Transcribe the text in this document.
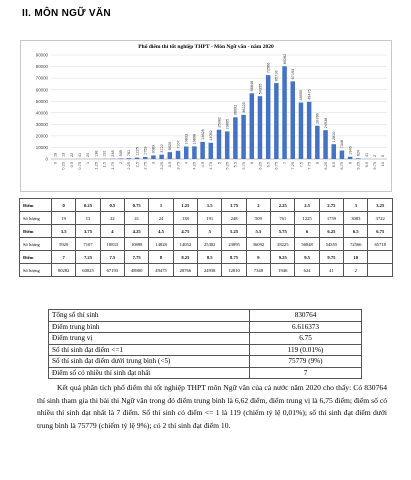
II. MÔN NGỮ VĂN
Phổ điểm thi tốt nghiệp THPT - Môn Ngữ văn - năm 2020
0
10000
20000
30000
40000
50000
60000
70000
80000
90000
19
0
13
0.25
22
0.5
41
0.75
24
1
138
1.25
191
1.5
248
1.75
509
2
761
2.25
1225
2.5
1759
2.75
3083
3
3722
3.25
5920
3.5
7107
3.75
10833
4
10898
4.25
14828
4.5
14052
4.75
25382
5
23895
5.25
36092
5.5
38225
5.75
56848
6
54355
6.25
72566
6.5
65718
6.75
80282
7
67193
7.25
48900
7.5
49475
7.75
28766
8
24938
8.25
12810
8.5
7348
8.75
1946
9
624
9.25
41
9.5
2
9.75
0
10
Điểm	0	0.25	0.5	0.75	1	1.25	1.5	1.75	2	2.25	2.5	2.75	3	3.25
Số lượng	19	13	22	41	24	138	191	248	509	761	1225	1759	3083	3722
Điểm	3.5	3.75	4	4.25	4.5	4.75	5	5.25	5.5	5.75	6	6.25	6.5	6.75
Số lượng	5920	7107	10833	10898	14828	14052	25382	23895	36092	38225	56848	54355	72566	65718
Điểm	7	7.25	7.5	7.75	8	8.25	8.5	8.75	9	9.25	9.5	9.75	10	
Số lượng	80282	60025	67193	48900	49475	28766	24938	12810	7348	1946	624	41	2	
Tổng số thí sinh	830764
Điểm trung bình	6.616373
Điểm trung vị	6.75
Số thí sinh đạt điểm <=1	119 (0.01%)
Số thí sinh đạt điểm dưới trung bình (<5)	75779 (9%)
Điểm số có nhiều thí sinh đạt nhất	7

Kết quả phân tích phổ điểm thi tốt nghiệp THPT môn Ngữ văn của cả nước năm 2020 cho thấy: Có 830764 thí sinh tham gia thi bài thi Ngữ văn trong đó điểm trung bình là 6,62 điểm, điểm trung vị là 6,75 điểm; điểm số có nhiều thí sinh đạt nhất là 7 điểm. Số thí sinh có điểm <= 1 là 119 (chiếm tỷ lệ 0,01%); số thí sinh đạt điểm dưới trung bình là 75779 (chiếm tỷ lệ 9%); có 2 thí sinh đạt điểm 10.
